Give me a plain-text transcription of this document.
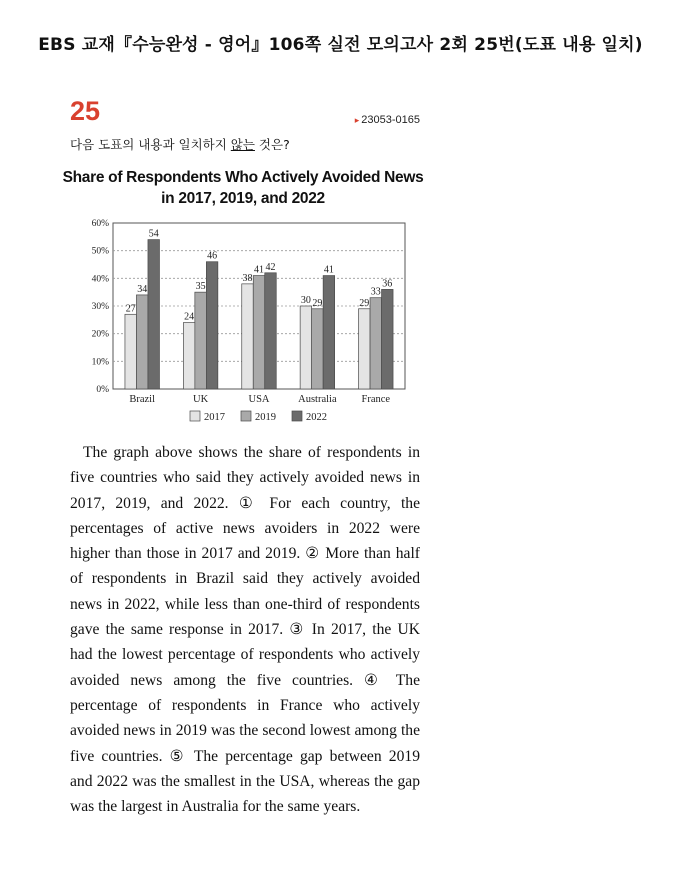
EBS 교재『수능완성 - 영어』106쪽 실전 모의고사 2회 25번(도표 내용 일치)
25	▸ 23053-0165
다음 도표의 내용과 일치하지 않는 것은?
Share of Respondents Who Actively Avoided News
in 2017, 2019, and 2022
0%
10%
20%
30%
40%
50%
60%
27
34
54
Brazil
24
35
46
UK
38
41 42
USA
30 29
41
Australia
29
33
36
France
2017	2019	2022
The graph above shows the share of respondents in five countries who said they actively avoided news in 2017, 2019, and 2022. ① For each country, the percentages of active news avoiders in 2022 were higher than those in 2017 and 2019. ② More than half of respondents in Brazil said they actively avoided news in 2022, while less than one-third of respondents gave the same response in 2017. ③ In 2017, the UK had the lowest percentage of respondents who actively avoided news among the five countries. ④ The percentage of respondents in France who actively avoided news in 2019 was the second lowest among the five countries. ⑤ The percentage gap between 2019 and 2022 was the smallest in the USA, whereas the gap was the largest in Australia for the same years.
